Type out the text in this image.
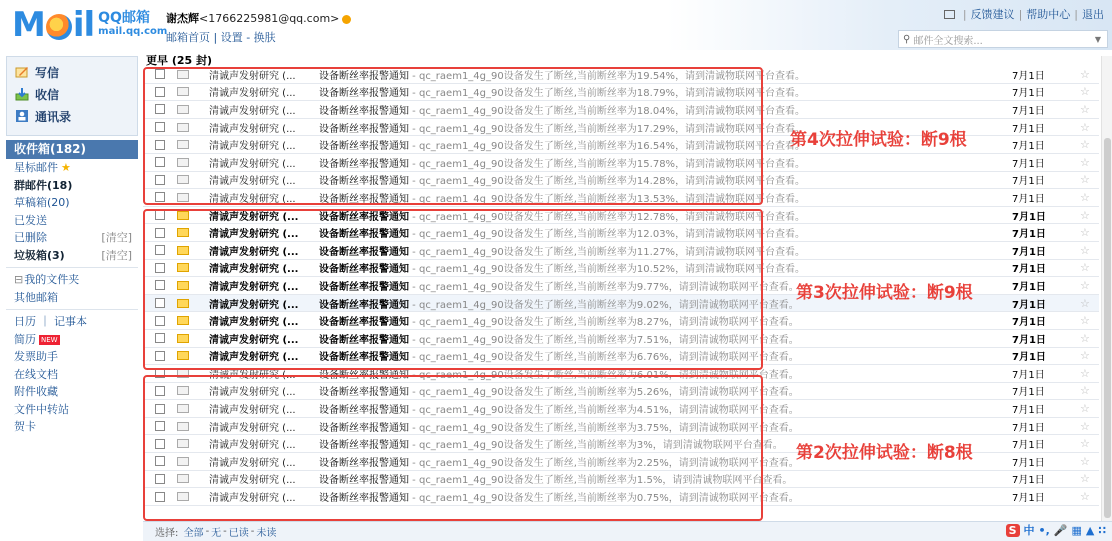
M il QQ邮箱
mail.qq.com
谢杰辉<1766225981@qq.com>
邮箱首页 | 设置 - 换肤
| 反馈建议 | 帮助中心 | 退出
⚲ 邮件全文搜索...	▼
写信
收信
通讯录
收件箱(182)
星标邮件 ★
群邮件(18)
草稿箱(20)
已发送
已删除	[清空]
垃圾箱(3)	[清空]
⊟ 我的文件夹
其他邮箱
日历 ｜ 记事本
简历 NEW
发票助手
在线文档
附件收藏
文件中转站
贺卡
更早 (25 封)
清诚声发射研究 (...	设备断丝率报警通知 - qc_raem1_4g_90设备发生了断丝,当前断丝率为19.54%，请到清诚物联网平台查看。	7月1日	☆
清诚声发射研究 (...	设备断丝率报警通知 - qc_raem1_4g_90设备发生了断丝,当前断丝率为18.79%，请到清诚物联网平台查看。	7月1日	☆
清诚声发射研究 (...	设备断丝率报警通知 - qc_raem1_4g_90设备发生了断丝,当前断丝率为18.04%，请到清诚物联网平台查看。	7月1日	☆
清诚声发射研究 (...	设备断丝率报警通知 - qc_raem1_4g_90设备发生了断丝,当前断丝率为17.29%，请到清诚物联网平台查看。	7月1日	☆
清诚声发射研究 (...	设备断丝率报警通知 - qc_raem1_4g_90设备发生了断丝,当前断丝率为16.54%，请到清诚物联网平台查看。	7月1日	☆
清诚声发射研究 (...	设备断丝率报警通知 - qc_raem1_4g_90设备发生了断丝,当前断丝率为15.78%，请到清诚物联网平台查看。	7月1日	☆
清诚声发射研究 (...	设备断丝率报警通知 - qc_raem1_4g_90设备发生了断丝,当前断丝率为14.28%，请到清诚物联网平台查看。	7月1日	☆
清诚声发射研究 (...	设备断丝率报警通知 - qc_raem1_4g_90设备发生了断丝,当前断丝率为13.53%，请到清诚物联网平台查看。	7月1日	☆
清诚声发射研究 (...	设备断丝率报警通知 - qc_raem1_4g_90设备发生了断丝,当前断丝率为12.78%，请到清诚物联网平台查看。	7月1日	☆
清诚声发射研究 (...	设备断丝率报警通知 - qc_raem1_4g_90设备发生了断丝,当前断丝率为12.03%，请到清诚物联网平台查看。	7月1日	☆
清诚声发射研究 (...	设备断丝率报警通知 - qc_raem1_4g_90设备发生了断丝,当前断丝率为11.27%，请到清诚物联网平台查看。	7月1日	☆
清诚声发射研究 (...	设备断丝率报警通知 - qc_raem1_4g_90设备发生了断丝,当前断丝率为10.52%，请到清诚物联网平台查看。	7月1日	☆
清诚声发射研究 (...	设备断丝率报警通知 - qc_raem1_4g_90设备发生了断丝,当前断丝率为9.77%，请到清诚物联网平台查看。	7月1日	☆
清诚声发射研究 (...	设备断丝率报警通知 - qc_raem1_4g_90设备发生了断丝,当前断丝率为9.02%，请到清诚物联网平台查看。	7月1日	☆
清诚声发射研究 (...	设备断丝率报警通知 - qc_raem1_4g_90设备发生了断丝,当前断丝率为8.27%，请到清诚物联网平台查看。	7月1日	☆
清诚声发射研究 (...	设备断丝率报警通知 - qc_raem1_4g_90设备发生了断丝,当前断丝率为7.51%，请到清诚物联网平台查看。	7月1日	☆
清诚声发射研究 (...	设备断丝率报警通知 - qc_raem1_4g_90设备发生了断丝,当前断丝率为6.76%，请到清诚物联网平台查看。	7月1日	☆
清诚声发射研究 (...	设备断丝率报警通知 - qc_raem1_4g_90设备发生了断丝,当前断丝率为6.01%，请到清诚物联网平台查看。	7月1日	☆
清诚声发射研究 (...	设备断丝率报警通知 - qc_raem1_4g_90设备发生了断丝,当前断丝率为5.26%，请到清诚物联网平台查看。	7月1日	☆
清诚声发射研究 (...	设备断丝率报警通知 - qc_raem1_4g_90设备发生了断丝,当前断丝率为4.51%，请到清诚物联网平台查看。	7月1日	☆
清诚声发射研究 (...	设备断丝率报警通知 - qc_raem1_4g_90设备发生了断丝,当前断丝率为3.75%，请到清诚物联网平台查看。	7月1日	☆
清诚声发射研究 (...	设备断丝率报警通知 - qc_raem1_4g_90设备发生了断丝,当前断丝率为3%，请到清诚物联网平台查看。	7月1日	☆
清诚声发射研究 (...	设备断丝率报警通知 - qc_raem1_4g_90设备发生了断丝,当前断丝率为2.25%，请到清诚物联网平台查看。	7月1日	☆
清诚声发射研究 (...	设备断丝率报警通知 - qc_raem1_4g_90设备发生了断丝,当前断丝率为1.5%，请到清诚物联网平台查看。	7月1日	☆
清诚声发射研究 (...	设备断丝率报警通知 - qc_raem1_4g_90设备发生了断丝,当前断丝率为0.75%，请到清诚物联网平台查看。	7月1日	☆
第4次拉伸试验：断9根
第3次拉伸试验：断9根
第2次拉伸试验：断8根
选择:
全部 - 无 - 已读 - 未读	S 中 •, 🎤 ▦ ▲ ∷
